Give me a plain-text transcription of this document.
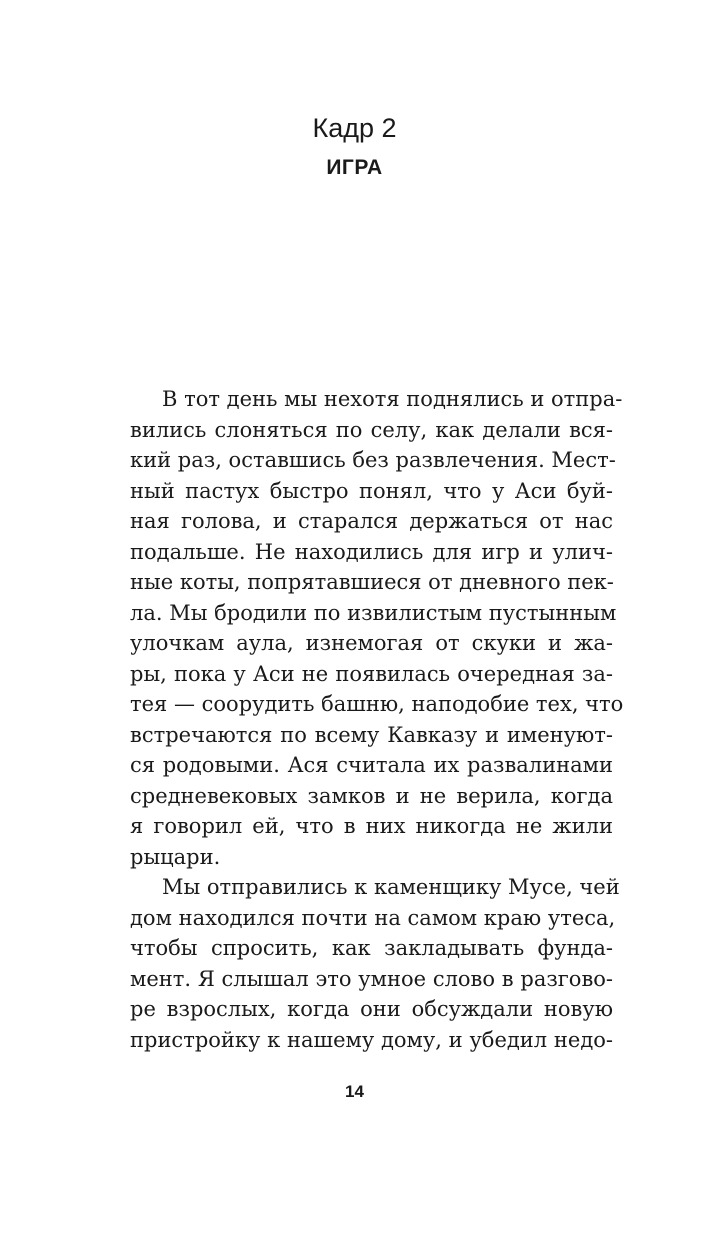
Кадр 2
ИГРА

В тот день мы нехотя поднялись и отпра-
вились слоняться по селу, как делали вся-
кий раз, оставшись без развлечения. Мест-
ный пастух быстро понял, что у Аси буй-
ная голова, и старался держаться от нас
подальше. Не находились для игр и улич-
ные коты, попрятавшиеся от дневного пек-
ла. Мы бродили по извилистым пустынным
улочкам аула, изнемогая от скуки и жа-
ры, пока у Аси не появилась очередная за-
тея — соорудить башню, наподобие тех, что
встречаются по всему Кавказу и именуют-
ся родовыми. Ася считала их развалинами
средневековых замков и не верила, когда
я говорил ей, что в них никогда не жили
рыцари.

Мы отправились к каменщику Мусе, чей
дом находился почти на самом краю утеса,
чтобы спросить, как закладывать фунда-
мент. Я слышал это умное слово в разгово-
ре взрослых, когда они обсуждали новую
пристройку к нашему дому, и убедил недо-

14
